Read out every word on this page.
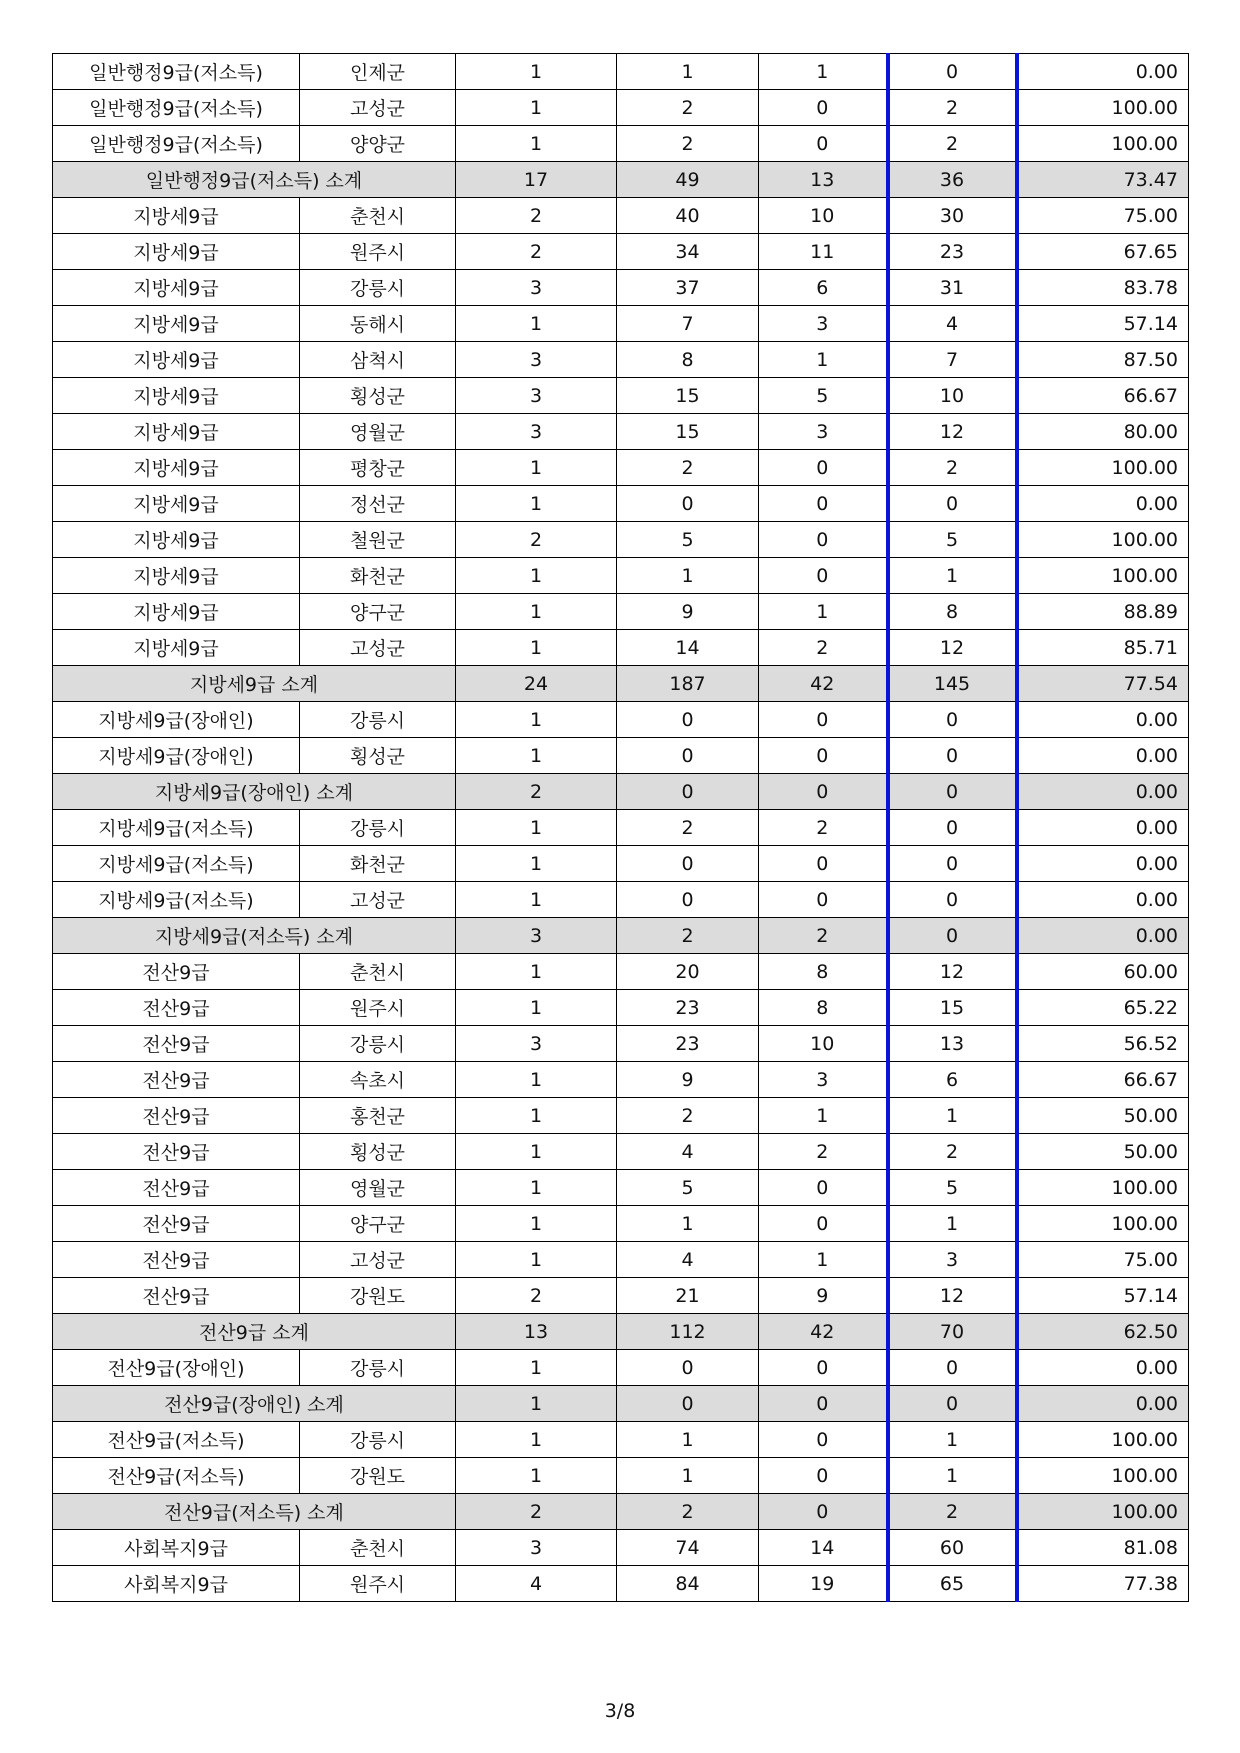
일반행정9급(저소득)	인제군	1	1	1	0	0.00
일반행정9급(저소득)	고성군	1	2	0	2	100.00
일반행정9급(저소득)	양양군	1	2	0	2	100.00
일반행정9급(저소득) 소계		17	49	13	36	73.47
지방세9급	춘천시	2	40	10	30	75.00
지방세9급	원주시	2	34	11	23	67.65
지방세9급	강릉시	3	37	6	31	83.78
지방세9급	동해시	1	7	3	4	57.14
지방세9급	삼척시	3	8	1	7	87.50
지방세9급	횡성군	3	15	5	10	66.67
지방세9급	영월군	3	15	3	12	80.00
지방세9급	평창군	1	2	0	2	100.00
지방세9급	정선군	1	0	0	0	0.00
지방세9급	철원군	2	5	0	5	100.00
지방세9급	화천군	1	1	0	1	100.00
지방세9급	양구군	1	9	1	8	88.89
지방세9급	고성군	1	14	2	12	85.71
지방세9급 소계		24	187	42	145	77.54
지방세9급(장애인)	강릉시	1	0	0	0	0.00
지방세9급(장애인)	횡성군	1	0	0	0	0.00
지방세9급(장애인) 소계		2	0	0	0	0.00
지방세9급(저소득)	강릉시	1	2	2	0	0.00
지방세9급(저소득)	화천군	1	0	0	0	0.00
지방세9급(저소득)	고성군	1	0	0	0	0.00
지방세9급(저소득) 소계		3	2	2	0	0.00
전산9급	춘천시	1	20	8	12	60.00
전산9급	원주시	1	23	8	15	65.22
전산9급	강릉시	3	23	10	13	56.52
전산9급	속초시	1	9	3	6	66.67
전산9급	홍천군	1	2	1	1	50.00
전산9급	횡성군	1	4	2	2	50.00
전산9급	영월군	1	5	0	5	100.00
전산9급	양구군	1	1	0	1	100.00
전산9급	고성군	1	4	1	3	75.00
전산9급	강원도	2	21	9	12	57.14
전산9급 소계		13	112	42	70	62.50
전산9급(장애인)	강릉시	1	0	0	0	0.00
전산9급(장애인) 소계		1	0	0	0	0.00
전산9급(저소득)	강릉시	1	1	0	1	100.00
전산9급(저소득)	강원도	1	1	0	1	100.00
전산9급(저소득) 소계		2	2	0	2	100.00
사회복지9급	춘천시	3	74	14	60	81.08
사회복지9급	원주시	4	84	19	65	77.38
3/8
